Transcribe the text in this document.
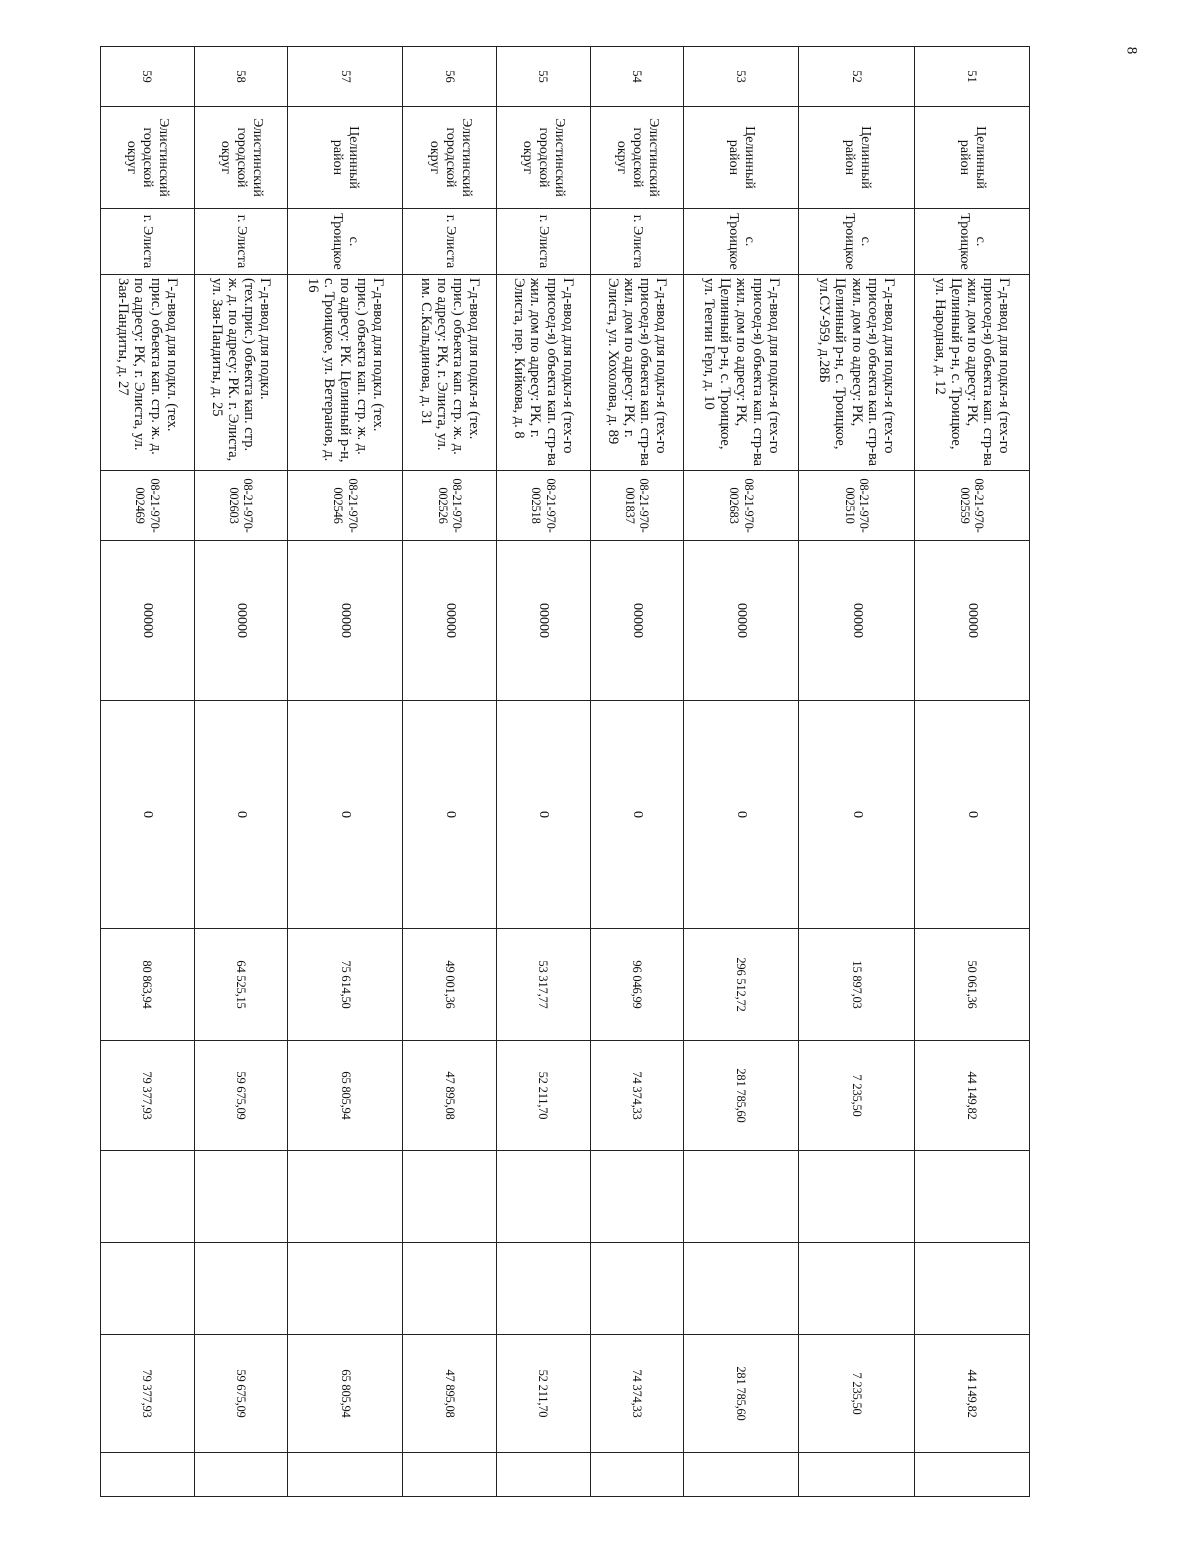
8
51	Целинный район	с. Троицкое	Г-д-ввод для подкл-я (тех-го присоед-я) объекта кап. стр-ва жил. дом по адресу: РК, Целинный р-н, с. Троицкое, ул. Народная, д. 12	08-21-970-002559	00000	0	50 061,36	44 149,82			44 149,82	
52	Целинный район	с. Троицкое	Г-д-ввод для подкл-я (тех-го присоед-я) объекта кап. стр-ва жил. дом по адресу: РК, Целинный р-н, с. Троицкое, ул.СУ-959, д.28Б	08-21-970-002510	00000	0	15 897,03	7 235,50			7 235,50	
53	Целинный район	с. Троицкое	Г-д-ввод для подкл-я (тех-го присоед-я) объекта кап. стр-ва жил. дом по адресу: РК, Целинный р-н, с. Троицкое, ул. Теегин Герл, д. 10	08-21-970-002683	00000	0	296 512,72	281 785,60			281 785,60	
54	Элистинский городской округ	г. Элиста	Г-д-ввод для подкл-я (тех-го присоед-я) объекта кап. стр-ва жил. дом по адресу: РК, г. Элиста, ул. Хохолова, д. 89	08-21-970-001837	00000	0	96 046,99	74 374,33			74 374,33	
55	Элистинский городской округ	г. Элиста	Г-д-ввод для подкл-я (тех-го присоед-я) объекта кап. стр-ва жил. дом по адресу: РК, г. Элиста, пер. Кийкова, д. 8	08-21-970-002518	00000	0	53 317,77	52 211,70			52 211,70	
56	Элистинский городской округ	г. Элиста	Г-д-ввод для подкл-я (тех. прис.) объекта кап. стр. ж. д. по адресу: РК, г. Элиста, ул. им. С.Кальдинова, д. 31	08-21-970-002526	00000	0	49 001,36	47 895,08			47 895,08	
57	Целинный район	с. Троицкое	Г-д-ввод для подкл. (тех. прис.) объекта кап. стр. ж. д. по адресу: РК. Целинный р-н, с. Троицкое, ул. Ветеранов, д. 16	08-21-970-002546	00000	0	75 614,50	65 805,94			65 805,94	
58	Элистинский городской округ	г. Элиста	Г-д-ввод для подкл. (тех.прис.) объекта кап. стр. ж. д. по адресу: РК. г. Элиста, ул. Зая-Пандиты, д. 25	08-21-970-002603	00000	0	64 525,15	59 675,09			59 675,09	
59	Элистинский городской округ	г. Элиста	Г-д-ввод для подкл. (тех. прис.) объекта кап. стр. ж. д. по адресу: РК, г. Элиста, ул. Зая-Пандиты, д. 27	08-21-970-002469	00000	0	80 863,94	79 377,93			79 377,93	
